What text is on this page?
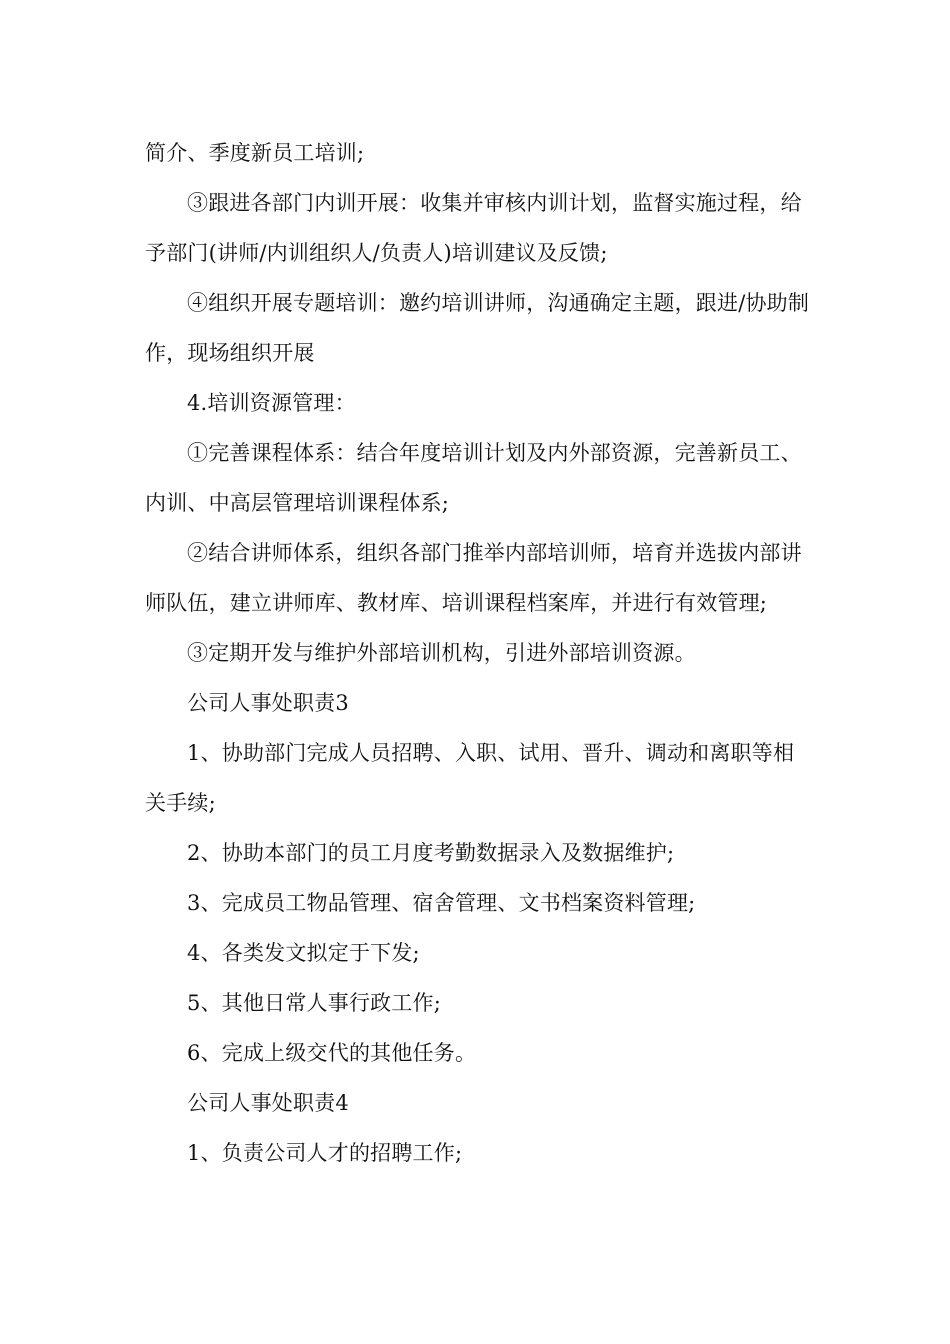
简介、季度新员工培训;

③跟进各部门内训开展：收集并审核内训计划，监督实施过程，给予部门(讲师/内训组织人/负责人)培训建议及反馈;

④组织开展专题培训：邀约培训讲师，沟通确定主题，跟进/协助制作，现场组织开展

4.培训资源管理：

①完善课程体系：结合年度培训计划及内外部资源，完善新员工、内训、中高层管理培训课程体系;

②结合讲师体系，组织各部门推举内部培训师，培育并选拔内部讲师队伍，建立讲师库、教材库、培训课程档案库，并进行有效管理;

③定期开发与维护外部培训机构，引进外部培训资源。

公司人事处职责3

1、协助部门完成人员招聘、入职、试用、晋升、调动和离职等相关手续;

2、协助本部门的员工月度考勤数据录入及数据维护;

3、完成员工物品管理、宿舍管理、文书档案资料管理;

4、各类发文拟定于下发;

5、其他日常人事行政工作;

6、完成上级交代的其他任务。

公司人事处职责4

1、负责公司人才的招聘工作;
